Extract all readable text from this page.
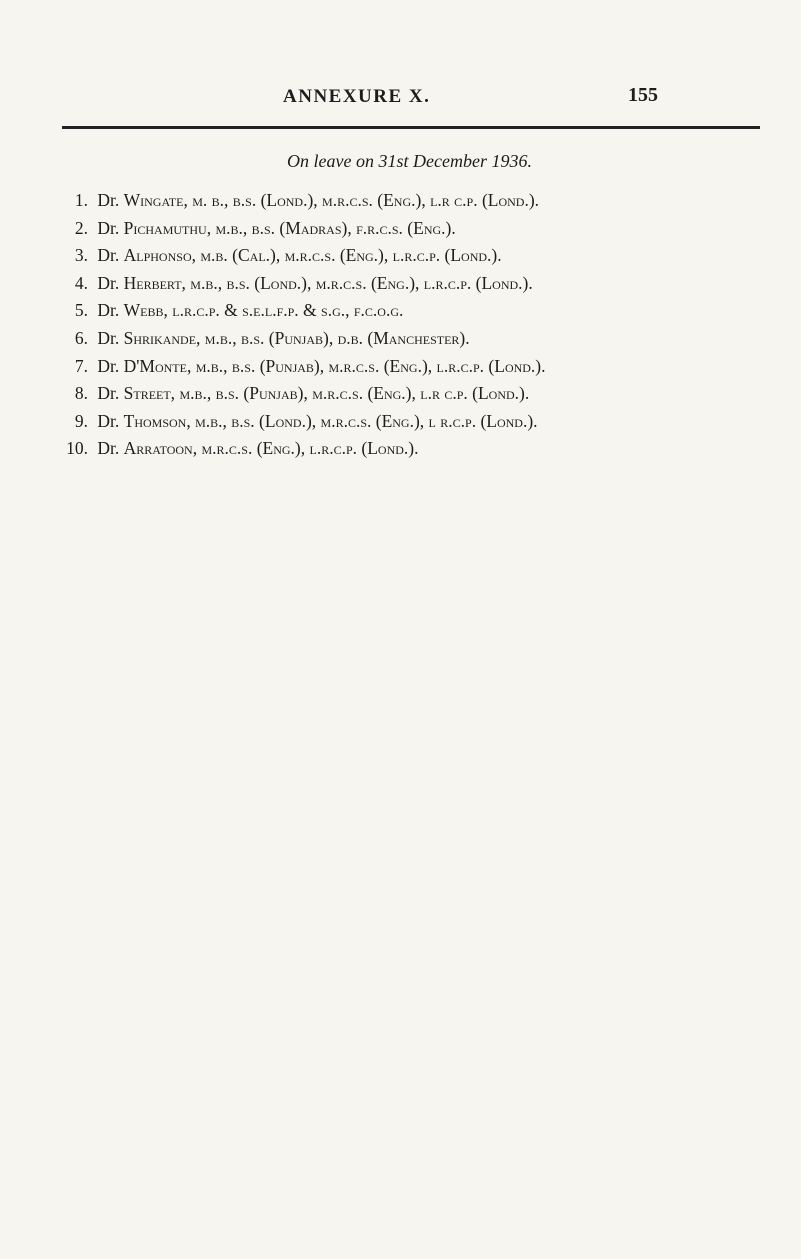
ANNEXURE X.	155
On leave on 31st December 1936.
1. Dr. Wingate, m. b., b.s. (Lond.), m.r.c.s. (Eng.), l.r c.p. (Lond.).
2. Dr. Pichamuthu, m.b., b.s. (Madras), f.r.c.s. (Eng.).
3. Dr. Alphonso, m.b. (Cal.), m.r.c.s. (Eng.), l.r.c.p. (Lond.).
4. Dr. Herbert, m.b., b.s. (Lond.), m.r.c.s. (Eng.), l.r.c.p. (Lond.).
5. Dr. Webb, l.r.c.p. & s.e.l.f.p. & s.g., f.c.o.g.
6. Dr. Shrikande, m.b., b.s. (Punjab), d.b. (Manchester).
7. Dr. D'Monte, m.b., b.s. (Punjab), m.r.c.s. (Eng.), l.r.c.p. (Lond.).
8. Dr. Street, m.b., b.s. (Punjab), m.r.c.s. (Eng.), l.r c.p. (Lond.).
9. Dr. Thomson, m.b., b.s. (Lond.), m.r.c.s. (Eng.), l r.c.p. (Lond.).
10. Dr. Arratoon, m.r.c.s. (Eng.), l.r.c.p. (Lond.).
